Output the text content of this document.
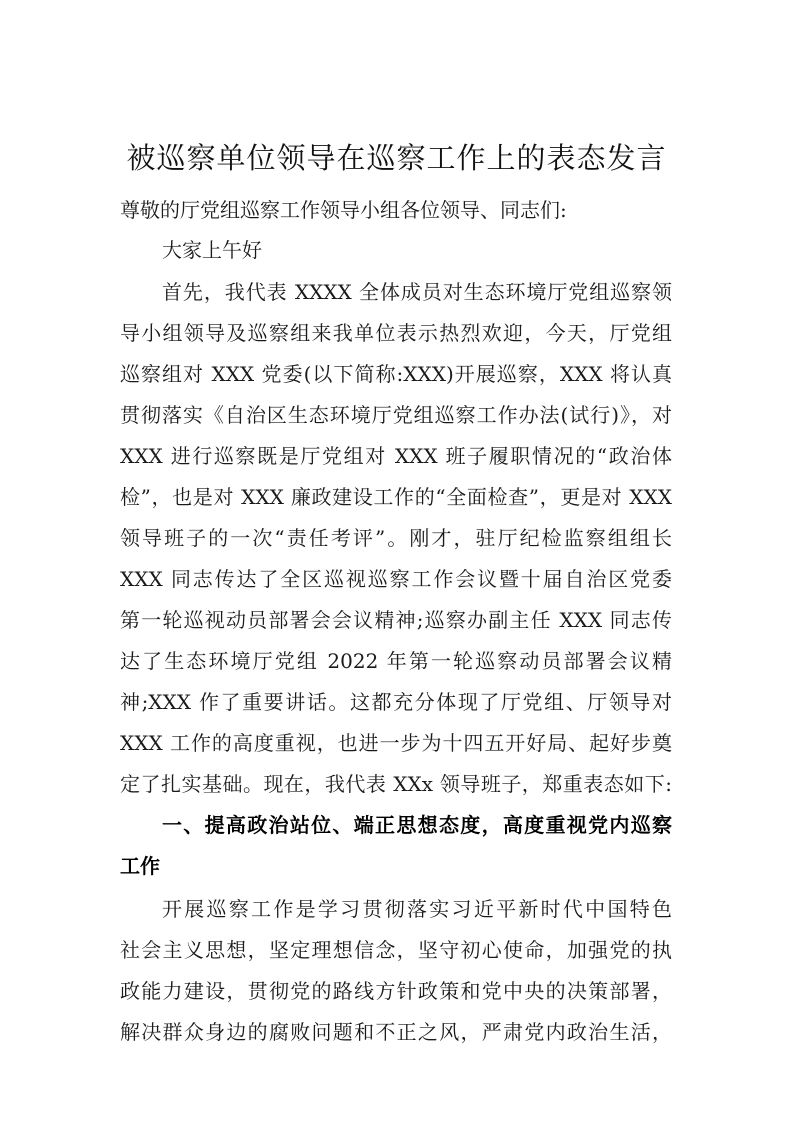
被巡察单位领导在巡察工作上的表态发言
尊敬的厅党组巡察工作领导小组各位领导、同志们:
大家上午好
首先，我代表 XXXX 全体成员对生态环境厅党组巡察领
导小组领导及巡察组来我单位表示热烈欢迎，今天，厅党组
巡察组对 XXX 党委(以下简称:XXX)开展巡察，XXX 将认真
贯彻落实《自治区生态环境厅党组巡察工作办法(试行)》，对
XXX 进行巡察既是厅党组对 XXX 班子履职情况的“政治体
检”，也是对 XXX 廉政建设工作的“全面检查”，更是对 XXX
领导班子的一次“责任考评”。刚才，驻厅纪检监察组组长
XXX 同志传达了全区巡视巡察工作会议暨十届自治区党委
第一轮巡视动员部署会会议精神;巡察办副主任 XXX 同志传
达了生态环境厅党组 2022 年第一轮巡察动员部署会议精
神;XXX 作了重要讲话。这都充分体现了厅党组、厅领导对
XXX 工作的高度重视，也进一步为十四五开好局、起好步奠
定了扎实基础。现在，我代表 XXx 领导班子，郑重表态如下:
一、提高政治站位、端正思想态度，高度重视党内巡察
工作
开展巡察工作是学习贯彻落实习近平新时代中国特色
社会主义思想，坚定理想信念，坚守初心使命，加强党的执
政能力建设，贯彻党的路线方针政策和党中央的决策部署，
解决群众身边的腐败问题和不正之风，严肃党内政治生活，
